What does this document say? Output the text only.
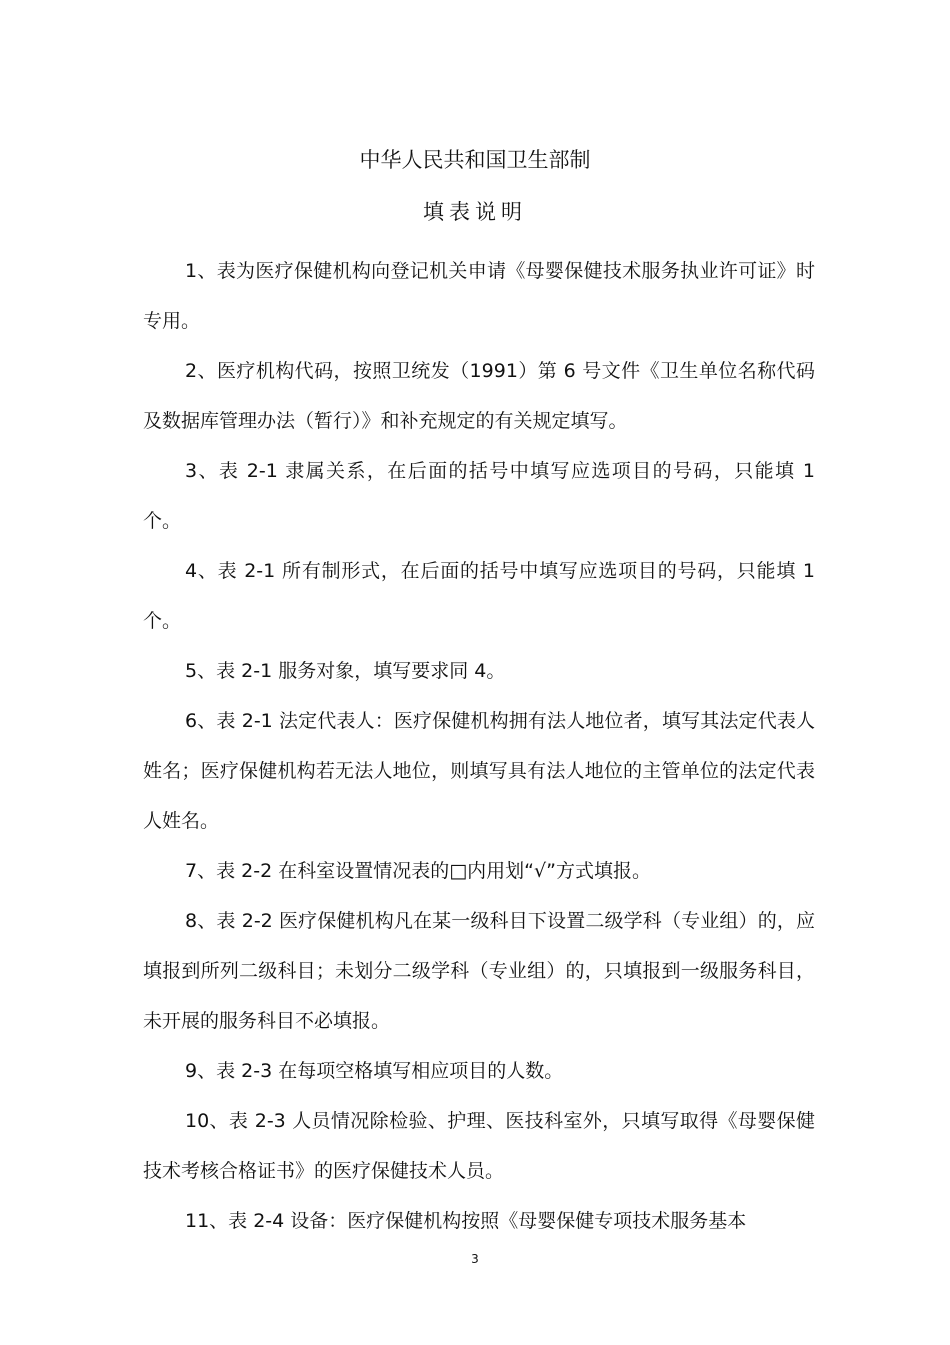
中华人民共和国卫生部制
填表说明

1、表为医疗保健机构向登记机关申请《母婴保健技术服务执业许可证》时专用。

2、医疗机构代码，按照卫统发（1991）第 6 号文件《卫生单位名称代码及数据库管理办法（暂行）》和补充规定的有关规定填写。

3、表 2-1 隶属关系，在后面的括号中填写应选项目的号码，只能填 1 个。

4、表 2-1 所有制形式，在后面的括号中填写应选项目的号码，只能填 1 个。

5、表 2-1 服务对象，填写要求同 4。

6、表 2-1 法定代表人：医疗保健机构拥有法人地位者，填写其法定代表人姓名；医疗保健机构若无法人地位，则填写具有法人地位的主管单位的法定代表人姓名。

7、表 2-2 在科室设置情况表的□内用划“√”方式填报。

8、表 2-2 医疗保健机构凡在某一级科目下设置二级学科（专业组）的，应填报到所列二级科目；未划分二级学科（专业组）的，只填报到一级服务科目，未开展的服务科目不必填报。

9、表 2-3 在每项空格填写相应项目的人数。

10、表 2-3 人员情况除检验、护理、医技科室外，只填写取得《母婴保健技术考核合格证书》的医疗保健技术人员。

11、表 2-4 设备：医疗保健机构按照《母婴保健专项技术服务基本

3
